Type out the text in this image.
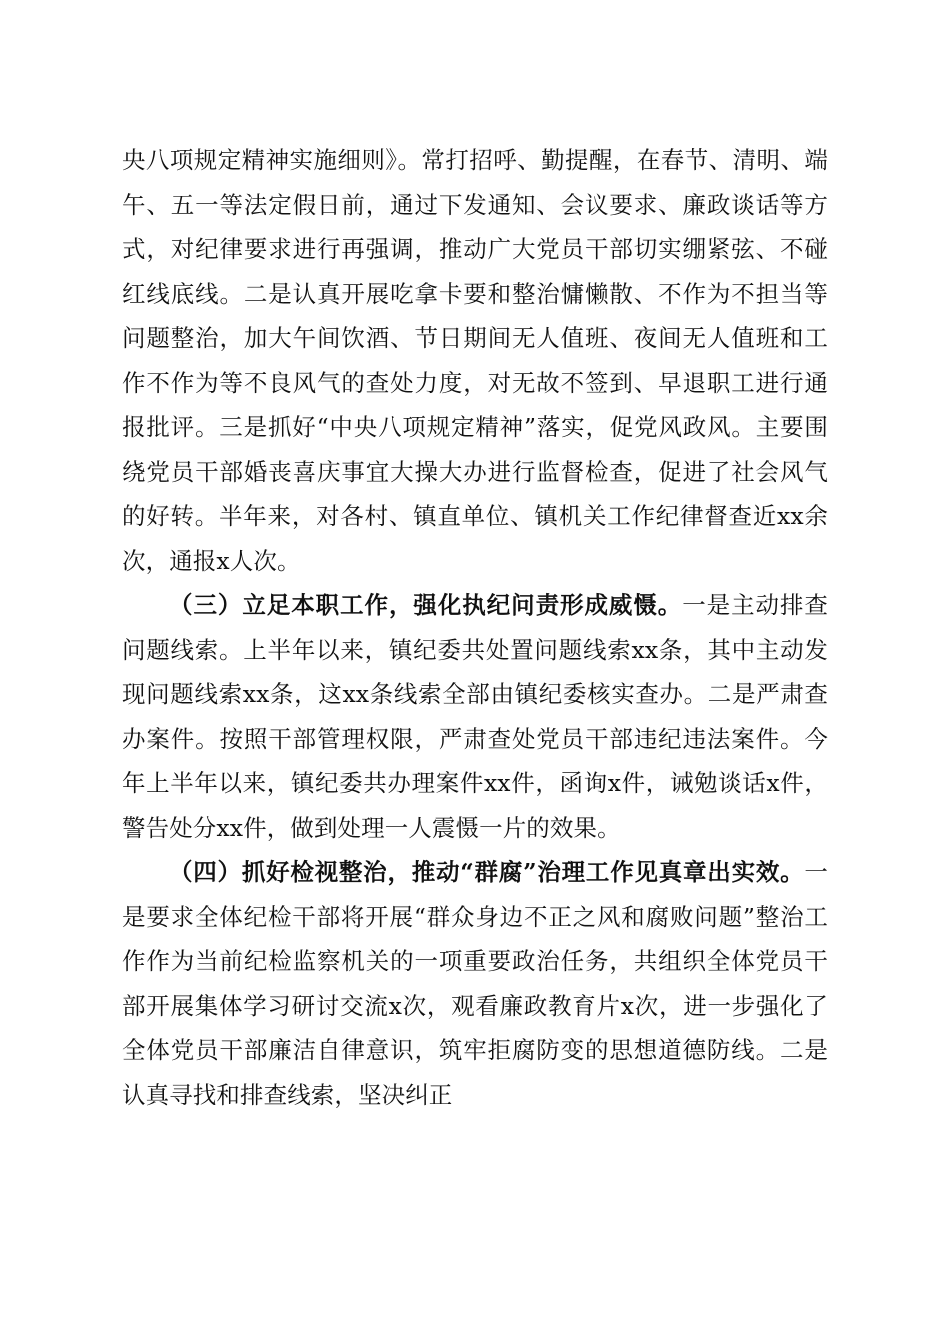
央八项规定精神实施细则》。常打招呼、勤提醒，在春节、清明、端午、五一等法定假日前，通过下发通知、会议要求、廉政谈话等方式，对纪律要求进行再强调，推动广大党员干部切实绷紧弦、不碰红线底线。二是认真开展吃拿卡要和整治慵懒散、不作为不担当等问题整治，加大午间饮酒、节日期间无人值班、夜间无人值班和工作不作为等不良风气的查处力度，对无故不签到、早退职工进行通报批评。三是抓好“中央八项规定精神”落实，促党风政风。主要围绕党员干部婚丧喜庆事宜大操大办进行监督检查，促进了社会风气的好转。半年来，对各村、镇直单位、镇机关工作纪律督查近xx余次，通报x人次。

（三）立足本职工作，强化执纪问责形成威慑。一是主动排查问题线索。上半年以来，镇纪委共处置问题线索xx条，其中主动发现问题线索xx条，这xx条线索全部由镇纪委核实查办。二是严肃查办案件。按照干部管理权限，严肃查处党员干部违纪违法案件。今年上半年以来，镇纪委共办理案件xx件，函询x件，诫勉谈话x件，警告处分xx件，做到处理一人震慑一片的效果。

（四）抓好检视整治，推动“群腐”治理工作见真章出实效。一是要求全体纪检干部将开展“群众身边不正之风和腐败问题”整治工作作为当前纪检监察机关的一项重要政治任务，共组织全体党员干部开展集体学习研讨交流x次，观看廉政教育片x次，进一步强化了全体党员干部廉洁自律意识，筑牢拒腐防变的思想道德防线。二是认真寻找和排查线索，坚决纠正
